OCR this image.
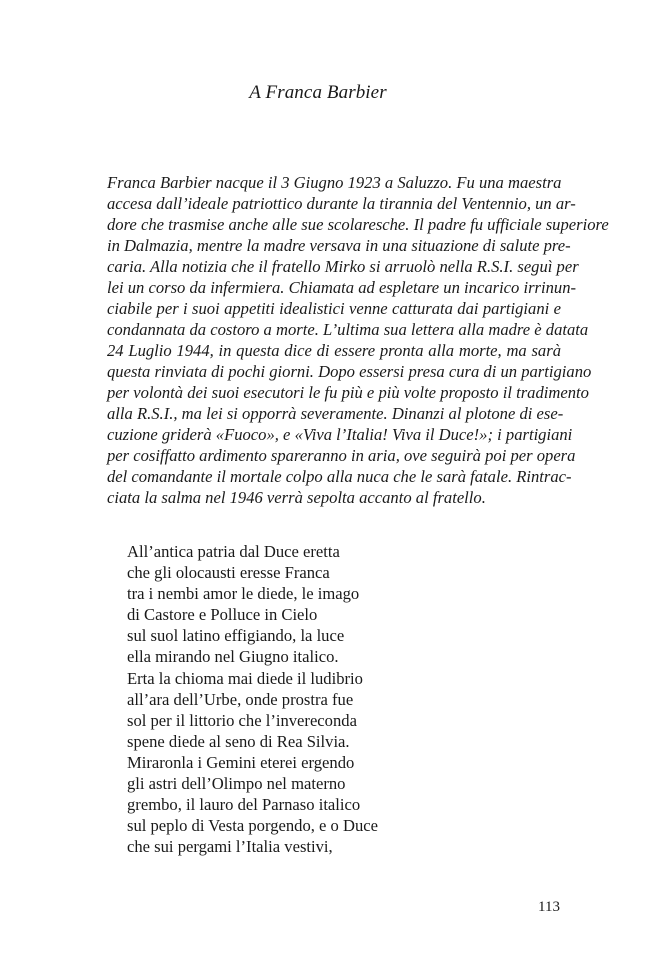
A Franca Barbier
Franca Barbier nacque il 3 Giugno 1923 a Saluzzo. Fu una maestra
accesa dall’ideale patriottico durante la tirannia del Ventennio, un ar-
dore che trasmise anche alle sue scolaresche. Il padre fu ufficiale superiore
in Dalmazia, mentre la madre versava in una situazione di salute pre-
caria. Alla notizia che il fratello Mirko si arruolò nella R.S.I. seguì per
lei un corso da infermiera. Chiamata ad espletare un incarico irrinun-
ciabile per i suoi appetiti idealistici venne catturata dai partigiani e
condannata da costoro a morte. L’ultima sua lettera alla madre è datata
24 Luglio 1944, in questa dice di essere pronta alla morte, ma sarà
questa rinviata di pochi giorni. Dopo essersi presa cura di un partigiano
per volontà dei suoi esecutori le fu più e più volte proposto il tradimento
alla R.S.I., ma lei si opporrà severamente. Dinanzi al plotone di ese-
cuzione griderà «Fuoco», e «Viva l’Italia! Viva il Duce!»; i partigiani
per cosiffatto ardimento spareranno in aria, ove seguirà poi per opera
del comandante il mortale colpo alla nuca che le sarà fatale. Rintrac-
ciata la salma nel 1946 verrà sepolta accanto al fratello.
All’antica patria dal Duce eretta
che gli olocausti eresse Franca
tra i nembi amor le diede, le imago
di Castore e Polluce in Cielo
sul suol latino effigiando, la luce
ella mirando nel Giugno italico.
Erta la chioma mai diede il ludibrio
all’ara dell’Urbe, onde prostra fue
sol per il littorio che l’invereconda
spene diede al seno di Rea Silvia.
Miraronla i Gemini eterei ergendo
gli astri dell’Olimpo nel materno
grembo, il lauro del Parnaso italico
sul peplo di Vesta porgendo, e o Duce
che sui pergami l’Italia vestivi,
113
